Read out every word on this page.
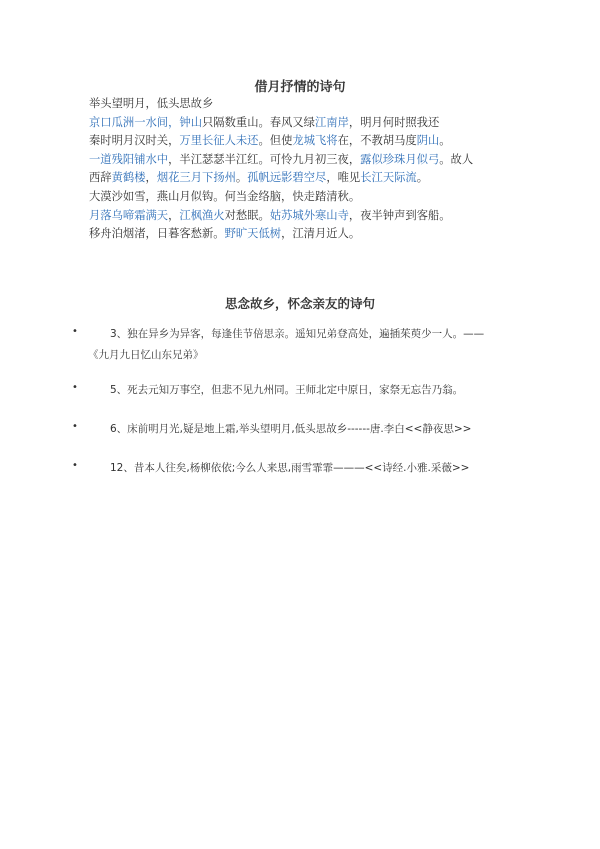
借月抒情的诗句
举头望明月，低头思故乡
京口瓜洲一水间，钟山只隔数重山。春风又绿江南岸，明月何时照我还
秦时明月汉时关，万里长征人未还。但使龙城飞将在，不教胡马度阴山。
一道残阳铺水中，半江瑟瑟半江红。可怜九月初三夜，露似珍珠月似弓。故人
西辞黄鹤楼，烟花三月下扬州。孤帆远影碧空尽，唯见长江天际流。
大漠沙如雪，燕山月似钩。何当金络脑，快走踏清秋。
月落乌啼霜满天，江枫渔火对愁眠。姑苏城外寒山寺，夜半钟声到客船。
移舟泊烟渚，日暮客愁新。野旷天低树，江清月近人。
思念故乡，怀念亲友的诗句
•	3、独在异乡为异客，每逢佳节倍思亲。遥知兄弟登高处，遍插茱萸少一人。——
《九月九日忆山东兄弟》
•	5、死去元知万事空，但悲不见九州同。王师北定中原日，家祭无忘告乃翁。
•	6、床前明月光,疑是地上霜,举头望明月,低头思故乡------唐.李白<<静夜思>>
•	12、昔本人往矣,杨柳依依;今么人来思,雨雪霏霏———<<诗经.小雅.采薇>>
